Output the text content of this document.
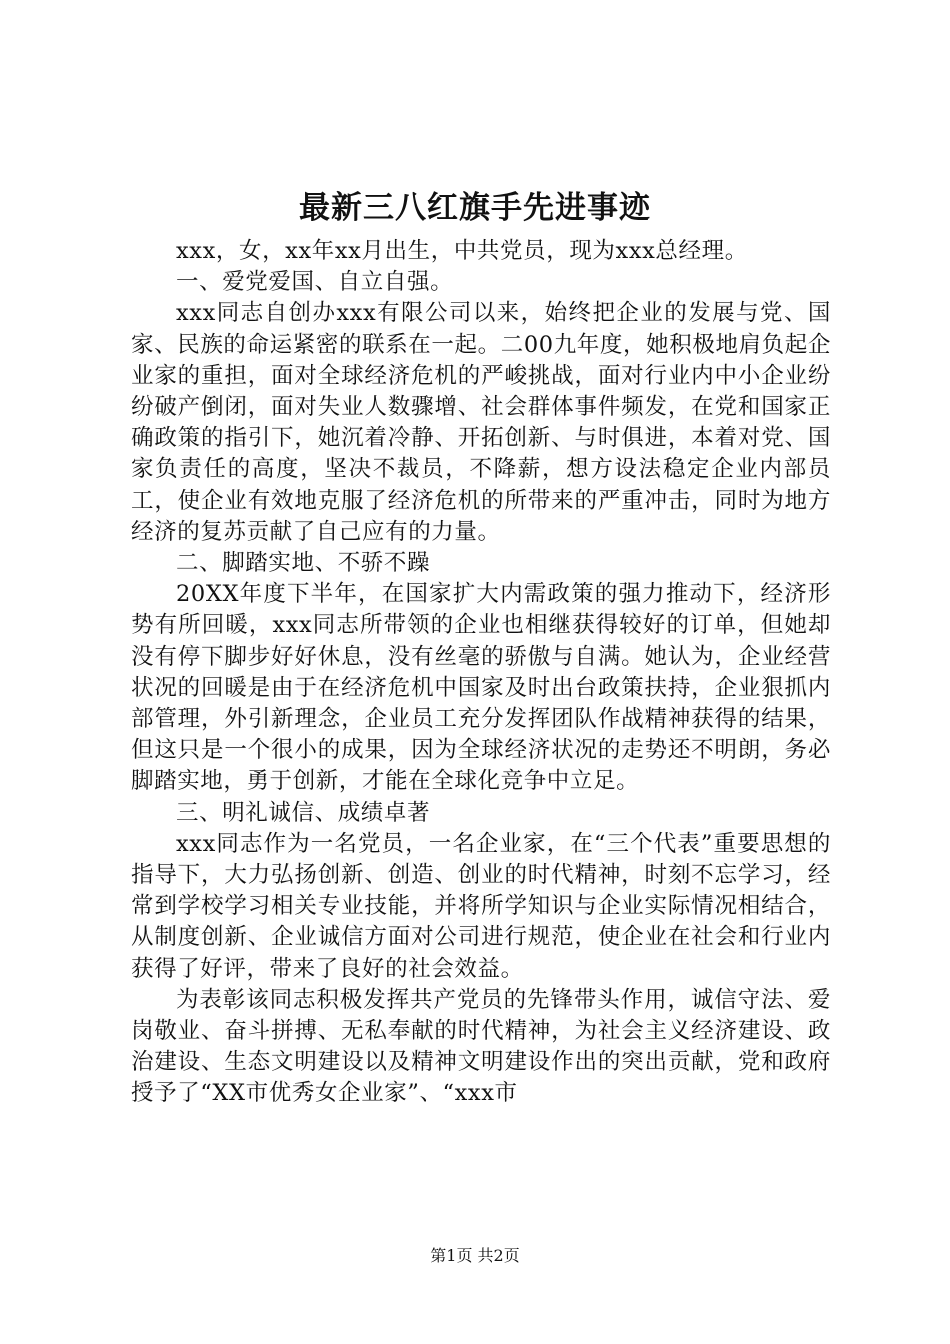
最新三八红旗手先进事迹

xxx，女，xx年xx月出生，中共党员，现为xxx总经理。

一、爱党爱国、自立自强。

xxx同志自创办xxx有限公司以来，始终把企业的发展与党、国家、民族的命运紧密的联系在一起。二00九年度，她积极地肩负起企业家的重担，面对全球经济危机的严峻挑战，面对行业内中小企业纷纷破产倒闭，面对失业人数骤增、社会群体事件频发，在党和国家正确政策的指引下，她沉着冷静、开拓创新、与时俱进，本着对党、国家负责任的高度，坚决不裁员，不降薪，想方设法稳定企业内部员工，使企业有效地克服了经济危机的所带来的严重冲击，同时为地方经济的复苏贡献了自己应有的力量。

二、脚踏实地、不骄不躁

20XX年度下半年，在国家扩大内需政策的强力推动下，经济形势有所回暖，xxx同志所带领的企业也相继获得较好的订单，但她却没有停下脚步好好休息，没有丝毫的骄傲与自满。她认为，企业经营状况的回暖是由于在经济危机中国家及时出台政策扶持，企业狠抓内部管理，外引新理念，企业员工充分发挥团队作战精神获得的结果，但这只是一个很小的成果，因为全球经济状况的走势还不明朗，务必脚踏实地，勇于创新，才能在全球化竞争中立足。

三、明礼诚信、成绩卓著

xxx同志作为一名党员，一名企业家，在“三个代表”重要思想的指导下，大力弘扬创新、创造、创业的时代精神，时刻不忘学习，经常到学校学习相关专业技能，并将所学知识与企业实际情况相结合，从制度创新、企业诚信方面对公司进行规范，使企业在社会和行业内获得了好评，带来了良好的社会效益。

为表彰该同志积极发挥共产党员的先锋带头作用，诚信守法、爱岗敬业、奋斗拼搏、无私奉献的时代精神，为社会主义经济建设、政治建设、生态文明建设以及精神文明建设作出的突出贡献，党和政府授予了“XX市优秀女企业家”、“xxx市

第1页 共2页
